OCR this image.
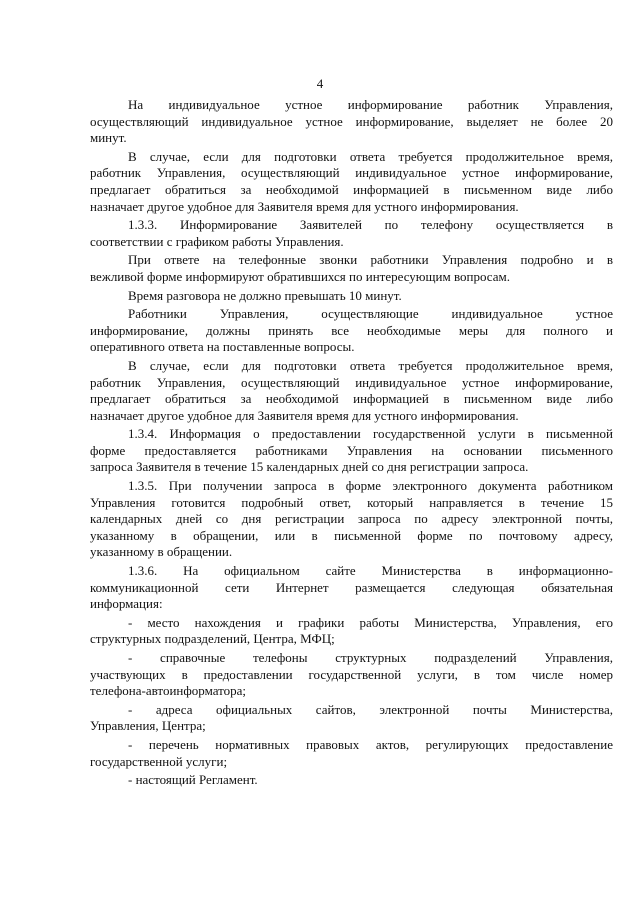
4
На индивидуальное устное информирование работник Управления,
осуществляющий индивидуальное устное информирование, выделяет не более 20
минут.
В случае, если для подготовки ответа требуется продолжительное время,
работник Управления, осуществляющий индивидуальное устное информирование,
предлагает обратиться за необходимой информацией в письменном виде либо
назначает другое удобное для Заявителя время для устного информирования.
1.3.3. Информирование Заявителей по телефону осуществляется в
соответствии с графиком работы Управления.
При ответе на телефонные звонки работники Управления подробно и в
вежливой форме информируют обратившихся по интересующим вопросам.
Время разговора не должно превышать 10 минут.
Работники Управления, осуществляющие индивидуальное устное
информирование, должны принять все необходимые меры для полного и
оперативного ответа на поставленные вопросы.
В случае, если для подготовки ответа требуется продолжительное время,
работник Управления, осуществляющий индивидуальное устное информирование,
предлагает обратиться за необходимой информацией в письменном виде либо
назначает другое удобное для Заявителя время для устного информирования.
1.3.4. Информация о предоставлении государственной услуги в письменной
форме предоставляется работниками Управления на основании письменного
запроса Заявителя в течение 15 календарных дней со дня регистрации запроса.
1.3.5. При получении запроса в форме электронного документа работником
Управления готовится подробный ответ, который направляется в течение 15
календарных дней со дня регистрации запроса по адресу электронной почты,
указанному в обращении, или в письменной форме по почтовому адресу,
указанному в обращении.
1.3.6. На официальном сайте Министерства в информационно-
коммуникационной сети Интернет размещается следующая обязательная
информация:
- место нахождения и графики работы Министерства, Управления, его
структурных подразделений, Центра, МФЦ;
- справочные телефоны структурных подразделений Управления,
участвующих в предоставлении государственной услуги, в том числе номер
телефона-автоинформатора;
- адреса официальных сайтов, электронной почты Министерства,
Управления, Центра;
- перечень нормативных правовых актов, регулирующих предоставление
государственной услуги;
- настоящий Регламент.
